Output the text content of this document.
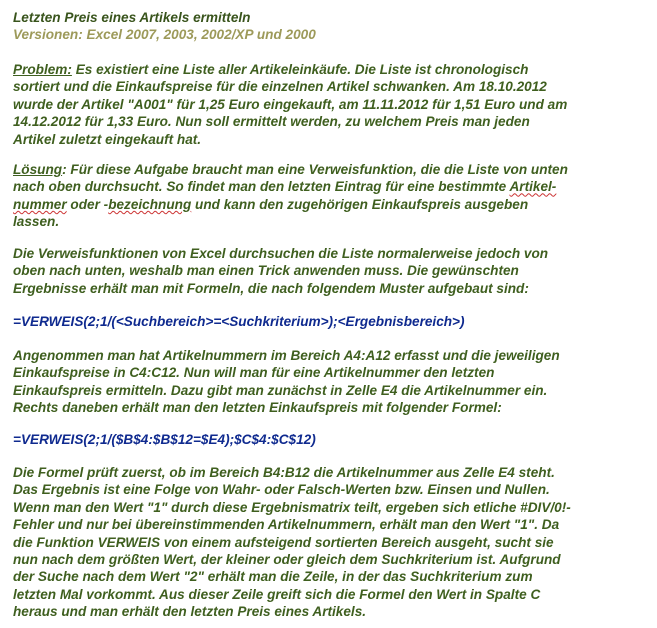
Letzten Preis eines Artikels ermitteln
Versionen: Excel 2007, 2003, 2002/XP und 2000
Problem: Es existiert eine Liste aller Artikeleinkäufe. Die Liste ist chronologisch
sortiert und die Einkaufspreise für die einzelnen Artikel schwanken. Am 18.10.2012
wurde der Artikel "A001" für 1,25 Euro eingekauft, am 11.11.2012 für 1,51 Euro und am
14.12.2012 für 1,33 Euro. Nun soll ermittelt werden, zu welchem Preis man jeden
Artikel zuletzt eingekauft hat.
Lösung: Für diese Aufgabe braucht man eine Verweisfunktion, die die Liste von unten
nach oben durchsucht. So findet man den letzten Eintrag für eine bestimmte Artikel-
nummer oder -bezeichnung und kann den zugehörigen Einkaufspreis ausgeben
lassen.
Die Verweisfunktionen von Excel durchsuchen die Liste normalerweise jedoch von
oben nach unten, weshalb man einen Trick anwenden muss. Die gewünschten
Ergebnisse erhält man mit Formeln, die nach folgendem Muster aufgebaut sind:
=VERWEIS(2;1/(<Suchbereich>=<Suchkriterium>);<Ergebnisbereich>)
Angenommen man hat Artikelnummern im Bereich A4:A12 erfasst und die jeweiligen
Einkaufspreise in C4:C12. Nun will man für eine Artikelnummer den letzten
Einkaufspreis ermitteln. Dazu gibt man zunächst in Zelle E4 die Artikelnummer ein.
Rechts daneben erhält man den letzten Einkaufspreis mit folgender Formel:
=VERWEIS(2;1/($B$4:$B$12=$E4);$C$4:$C$12)
Die Formel prüft zuerst, ob im Bereich B4:B12 die Artikelnummer aus Zelle E4 steht.
Das Ergebnis ist eine Folge von Wahr- oder Falsch-Werten bzw. Einsen und Nullen.
Wenn man den Wert "1" durch diese Ergebnismatrix teilt, ergeben sich etliche #DIV/0!-
Fehler und nur bei übereinstimmenden Artikelnummern, erhält man den Wert "1". Da
die Funktion VERWEIS von einem aufsteigend sortierten Bereich ausgeht, sucht sie
nun nach dem größten Wert, der kleiner oder gleich dem Suchkriterium ist. Aufgrund
der Suche nach dem Wert "2" erhält man die Zeile, in der das Suchkriterium zum
letzten Mal vorkommt. Aus dieser Zeile greift sich die Formel den Wert in Spalte C
heraus und man erhält den letzten Preis eines Artikels.
